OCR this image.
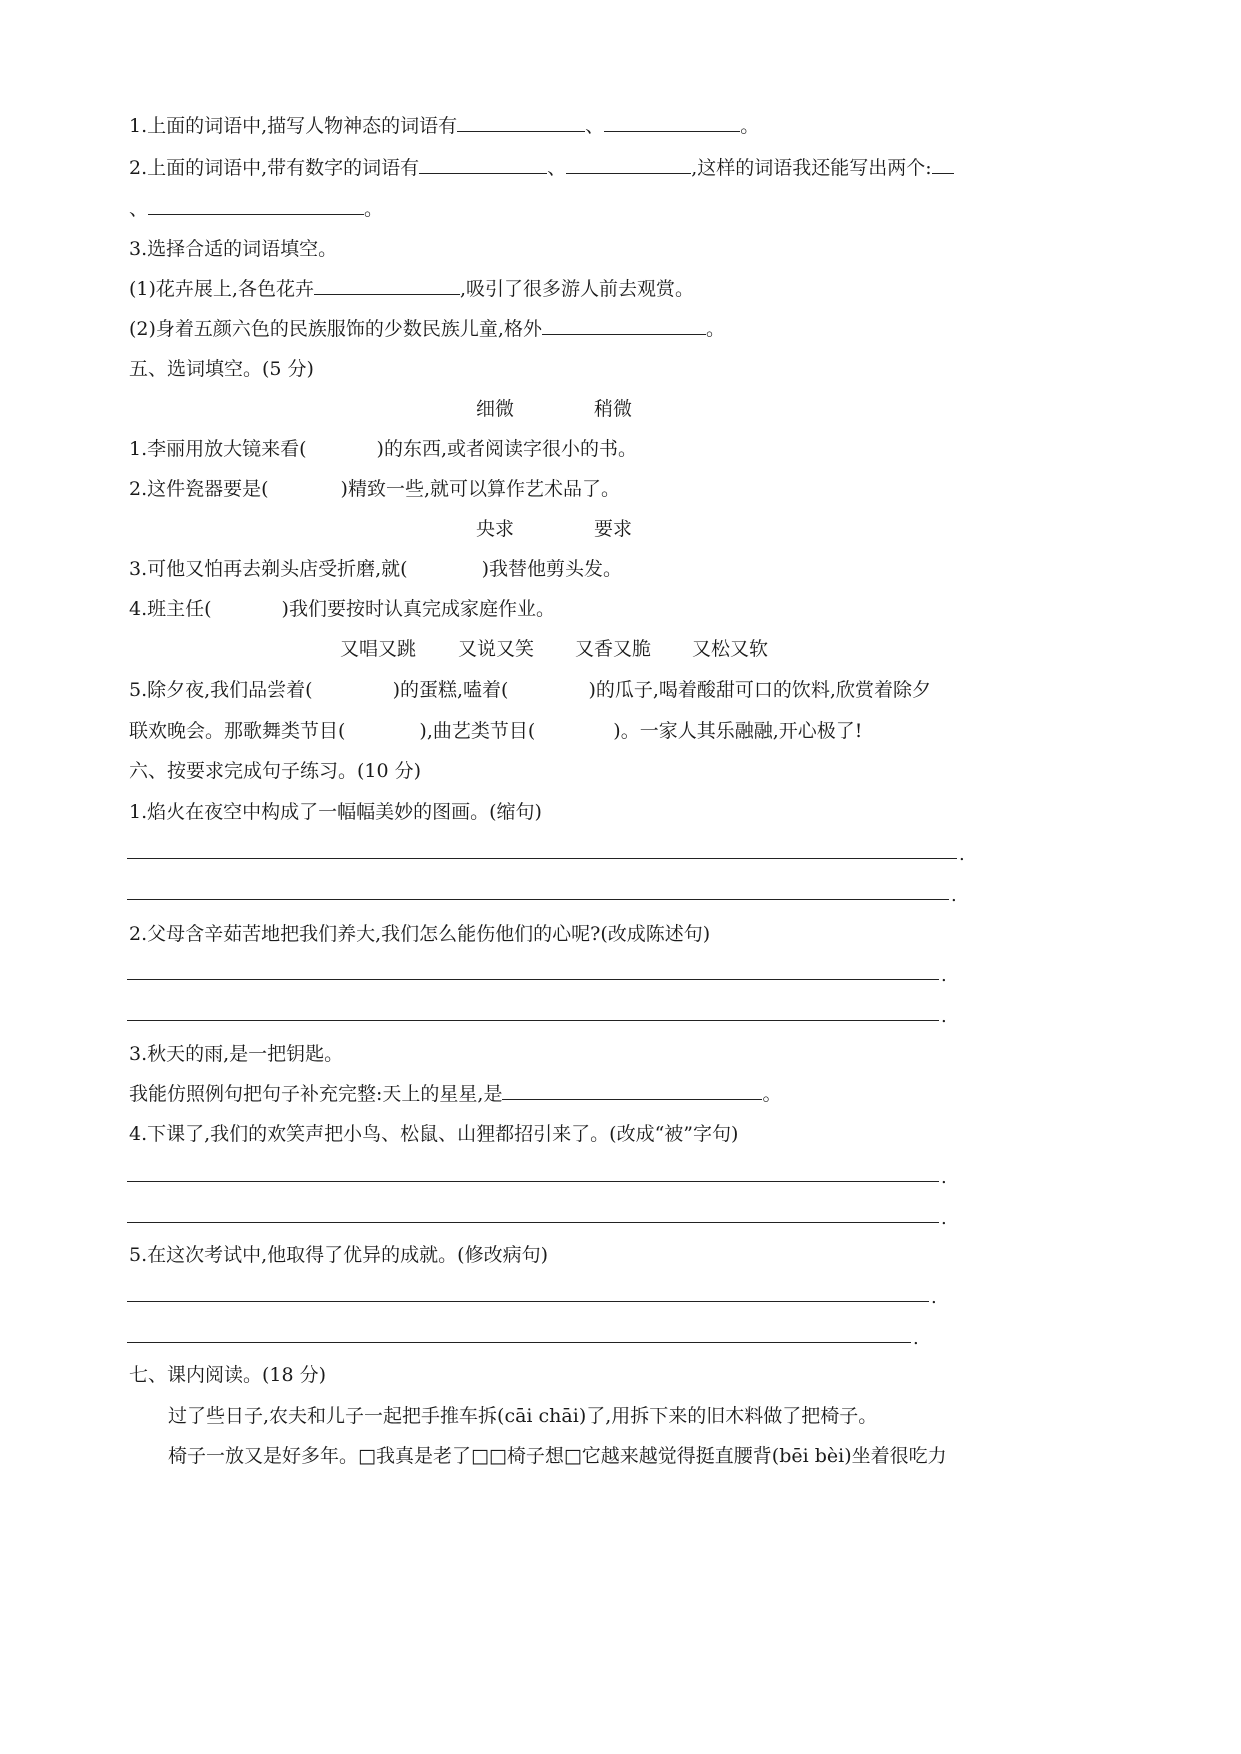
1.上面的词语中,描写人物神态的词语有	、	。
2.上面的词语中,带有数字的词语有	、	,这样的词语我还能写出两个:
、	。
3.选择合适的词语填空。
(1)花卉展上,各色花卉	,吸引了很多游人前去观赏。
(2)身着五颜六色的民族服饰的少数民族儿童,格外	。
五、选词填空。(5 分)
细微	稍微
1.李丽用放大镜来看(	)的东西,或者阅读字很小的书。
2.这件瓷器要是(	)精致一些,就可以算作艺术品了。
央求	要求
3.可他又怕再去剃头店受折磨,就(	)我替他剪头发。
4.班主任(	)我们要按时认真完成家庭作业。
又唱又跳 又说又笑 又香又脆 又松又软
5.除夕夜,我们品尝着(	)的蛋糕,嗑着(	)的瓜子,喝着酸甜可口的饮料,欣赏着除夕
联欢晚会。那歌舞类节目(	),曲艺类节目(	)。一家人其乐融融,开心极了!
六、按要求完成句子练习。(10 分)
1.焰火在夜空中构成了一幅幅美妙的图画。(缩句)
.
.
2.父母含辛茹苦地把我们养大,我们怎么能伤他们的心呢?(改成陈述句)
.
.
3.秋天的雨,是一把钥匙。
我能仿照例句把句子补充完整:天上的星星,是	。
4.下课了,我们的欢笑声把小鸟、松鼠、山狸都招引来了。(改成“被”字句)
.
.
5.在这次考试中,他取得了优异的成就。(修改病句)
.
.
七、课内阅读。(18 分)
过了些日子,农夫和儿子一起把手推车拆(cāi chāi)了,用拆下来的旧木料做了把椅子。
椅子一放又是好多年。□我真是老了□□椅子想□它越来越觉得挺直腰背(bēi bèi)坐着很吃力
